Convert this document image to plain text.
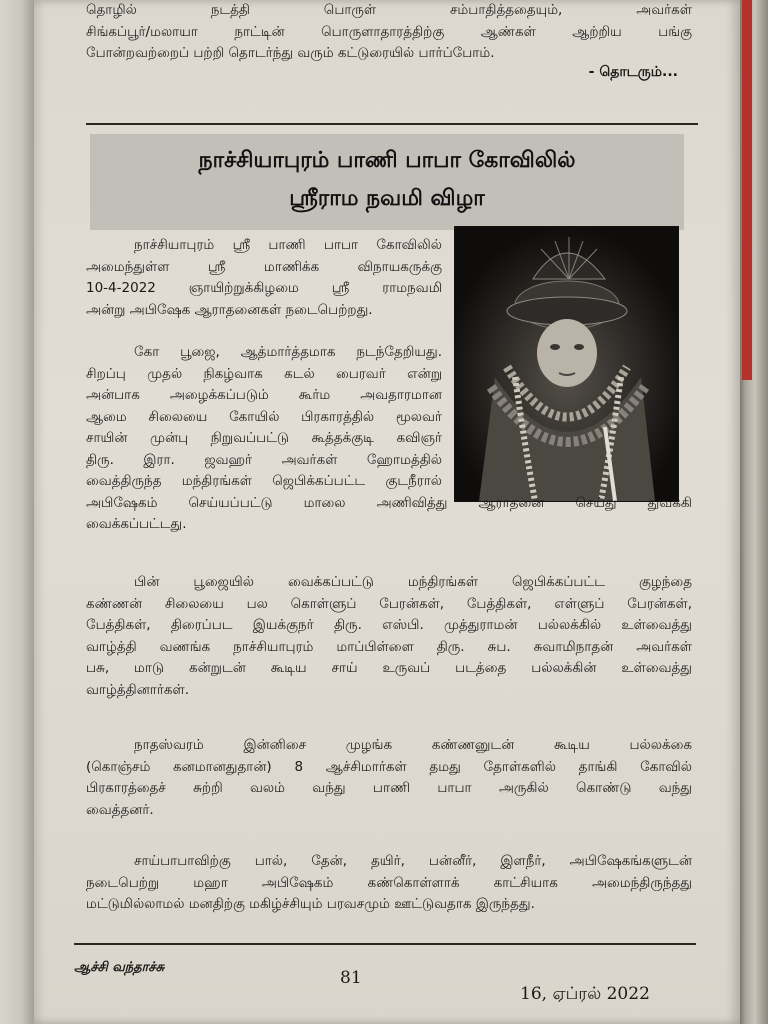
தொழில் நடத்தி பொருள் சம்பாதித்ததையும், அவர்கள்
சிங்கப்பூர்/மலாயா நாட்டின் பொருளாதாரத்திற்கு ஆண்கள் ஆற்றிய பங்கு
போன்றவற்றைப் பற்றி தொடர்ந்து வரும் கட்டுரையில் பார்ப்போம்.
- தொடரும்...
நாச்சியாபுரம் பாணி பாபா கோவிலில்
ஸ்ரீராம நவமி விழா
நாச்சியாபுரம் ஸ்ரீ பாணி பாபா கோவிலில்
அமைந்துள்ள ஸ்ரீ மாணிக்க விநாயகருக்கு
10-4-2022 ஞாயிற்றுக்கிழமை ஸ்ரீ ராமநவமி
அன்று அபிஷேக ஆராதனைகள் நடைபெற்றது.
கோ பூஜை, ஆத்மார்த்தமாக நடந்தேறியது.
சிறப்பு முதல் நிகழ்வாக கடல் பைரவர் என்று
அன்பாக அழைக்கப்படும் கூர்ம அவதாரமான
ஆமை சிலையை கோயில் பிரகாரத்தில் மூலவர்
சாயின் முன்பு நிறுவப்பட்டு கூத்தக்குடி கவிஞர்
திரு. இரா. ஜவஹர் அவர்கள் ஹோமத்தில்
வைத்திருந்த மந்திரங்கள் ஜெபிக்கப்பட்ட குடநீரால்
அபிஷேகம் செய்யப்பட்டு மாலை அணிவித்து ஆராதனை செய்து துவக்கி
வைக்கப்பட்டது.
பின் பூஜையில் வைக்கப்பட்டு மந்திரங்கள் ஜெபிக்கப்பட்ட குழந்தை
கண்ணன் சிலையை பல கொள்ளுப் பேரன்கள், பேத்திகள், எள்ளுப் பேரன்கள்,
பேத்திகள், திரைப்பட இயக்குநர் திரு. எஸ்பி. முத்துராமன் பல்லக்கில் உள்வைத்து
வாழ்த்தி வணங்க நாச்சியாபுரம் மாப்பிள்ளை திரு. சுப. சுவாமிநாதன் அவர்கள்
பசு, மாடு கன்றுடன் கூடிய சாய் உருவப் படத்தை பல்லக்கின் உள்வைத்து
வாழ்த்தினார்கள்.
நாதஸ்வரம் இன்னிசை முழங்க கண்ணனுடன் கூடிய பல்லக்கை
(கொஞ்சம் கனமானதுதான்) 8 ஆச்சிமார்கள் தமது தோள்களில் தாங்கி கோவில்
பிரகாரத்தைச் சுற்றி வலம் வந்து பாணி பாபா அருகில் கொண்டு வந்து
வைத்தனர்.
சாய்பாபாவிற்கு பால், தேன், தயிர், பன்னீர், இளநீர், அபிஷேகங்களுடன்
நடைபெற்று மஹா அபிஷேகம் கண்கொள்ளாக் காட்சியாக அமைந்திருந்தது
மட்டுமில்லாமல் மனதிற்கு மகிழ்ச்சியும் பரவசமும் ஊட்டுவதாக இருந்தது.
ஆச்சி வந்தாச்சு
81
16, ஏப்ரல் 2022
